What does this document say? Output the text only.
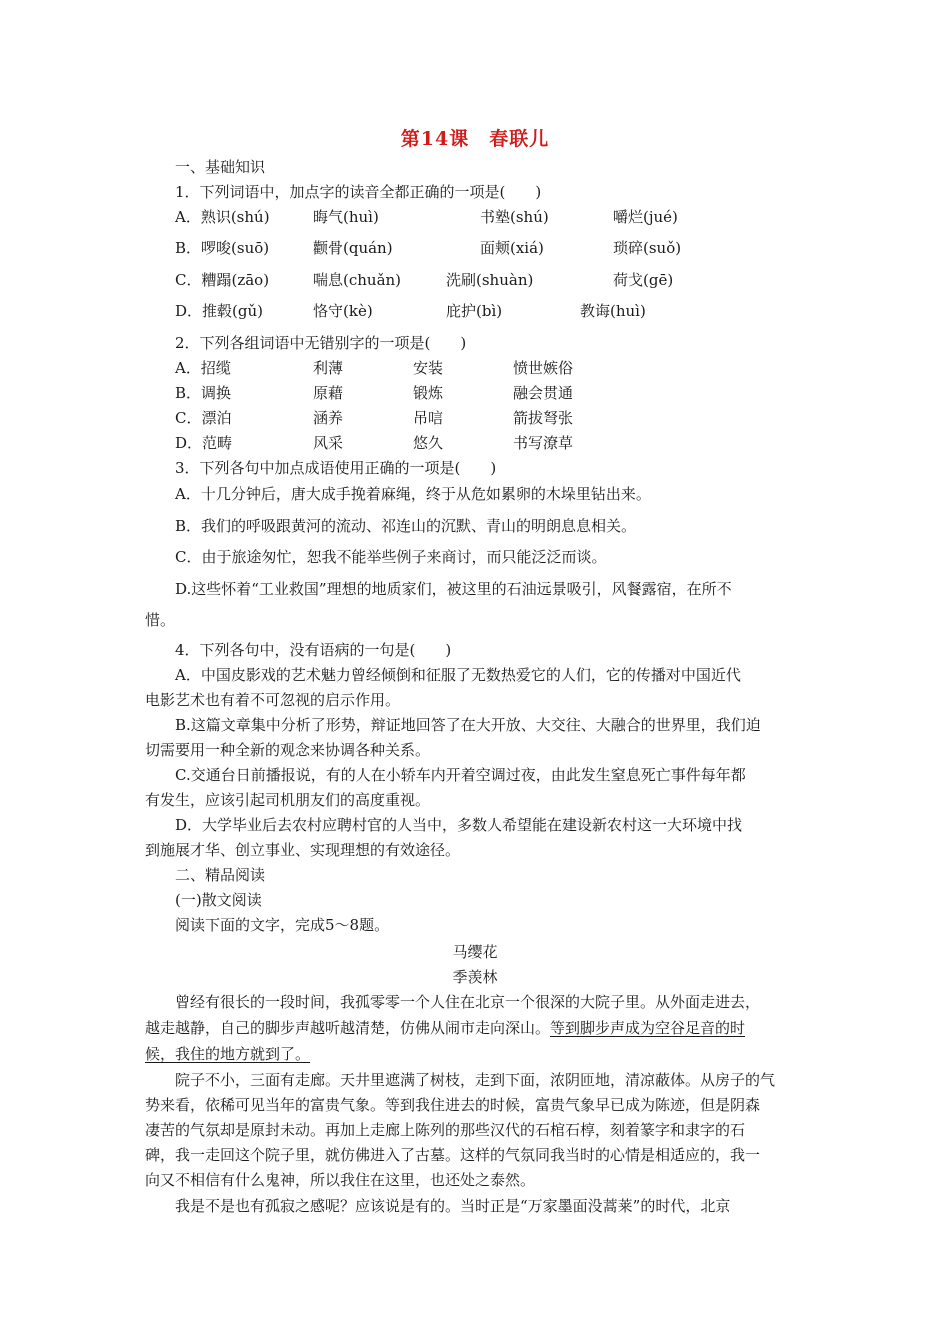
第14课　春联儿
一、基础知识
1．下列词语中，加点字的读音全都正确的一项是(　　)
A．熟识(shú)	晦气(huì)	书塾(shú)	嚼烂(jué)
B．啰唆(suō)	颧骨(quán)	面颊(xiá)	琐碎(suǒ)
C．糟蹋(zāo)	喘息(chuǎn)	洗刷(shuàn)	荷戈(gē)
D．推毂(gǔ)	恪守(kè)	庇护(bì)	教诲(huì)
2．下列各组词语中无错别字的一项是(　　)
A．招缆	利薄	安装	愤世嫉俗
B．调换	原藉	锻炼	融会贯通
C．漂泊	涵养	吊唁	箭拔弩张
D．范畴	风采	悠久	书写潦草
3．下列各句中加点成语使用正确的一项是(　　)
A．十几分钟后，唐大成手挽着麻绳，终于从危如累卵的木垛里钻出来。
B．我们的呼吸跟黄河的流动、祁连山的沉默、青山的明朗息息相关。
C．由于旅途匆忙，恕我不能举些例子来商讨，而只能泛泛而谈。
D.这些怀着“工业救国”理想的地质家们，被这里的石油远景吸引，风餐露宿，在所不
惜。
4．下列各句中，没有语病的一句是(　　)
A．中国皮影戏的艺术魅力曾经倾倒和征服了无数热爱它的人们，它的传播对中国近代
电影艺术也有着不可忽视的启示作用。
B.这篇文章集中分析了形势，辩证地回答了在大开放、大交往、大融合的世界里，我们迫
切需要用一种全新的观念来协调各种关系。
C.交通台日前播报说，有的人在小轿车内开着空调过夜，由此发生窒息死亡事件每年都
有发生，应该引起司机朋友们的高度重视。
D．大学毕业后去农村应聘村官的人当中，多数人希望能在建设新农村这一大环境中找
到施展才华、创立事业、实现理想的有效途径。
二、精品阅读
(一)散文阅读
阅读下面的文字，完成5～8题。
马缨花
季羡林
曾经有很长的一段时间，我孤零零一个人住在北京一个很深的大院子里。从外面走进去，
越走越静，自己的脚步声越听越清楚，仿佛从闹市走向深山。等到脚步声成为空谷足音的时
候，我住的地方就到了。
院子不小，三面有走廊。天井里遮满了树枝，走到下面，浓阴匝地，清凉蔽体。从房子的气
势来看，依稀可见当年的富贵气象。等到我住进去的时候，富贵气象早已成为陈迹，但是阴森
凄苦的气氛却是原封未动。再加上走廊上陈列的那些汉代的石棺石椁，刻着篆字和隶字的石
碑，我一走回这个院子里，就仿佛进入了古墓。这样的气氛同我当时的心情是相适应的，我一
向又不相信有什么鬼神，所以我住在这里，也还处之泰然。
我是不是也有孤寂之感呢？应该说是有的。当时正是“万家墨面没蒿莱”的时代，北京
